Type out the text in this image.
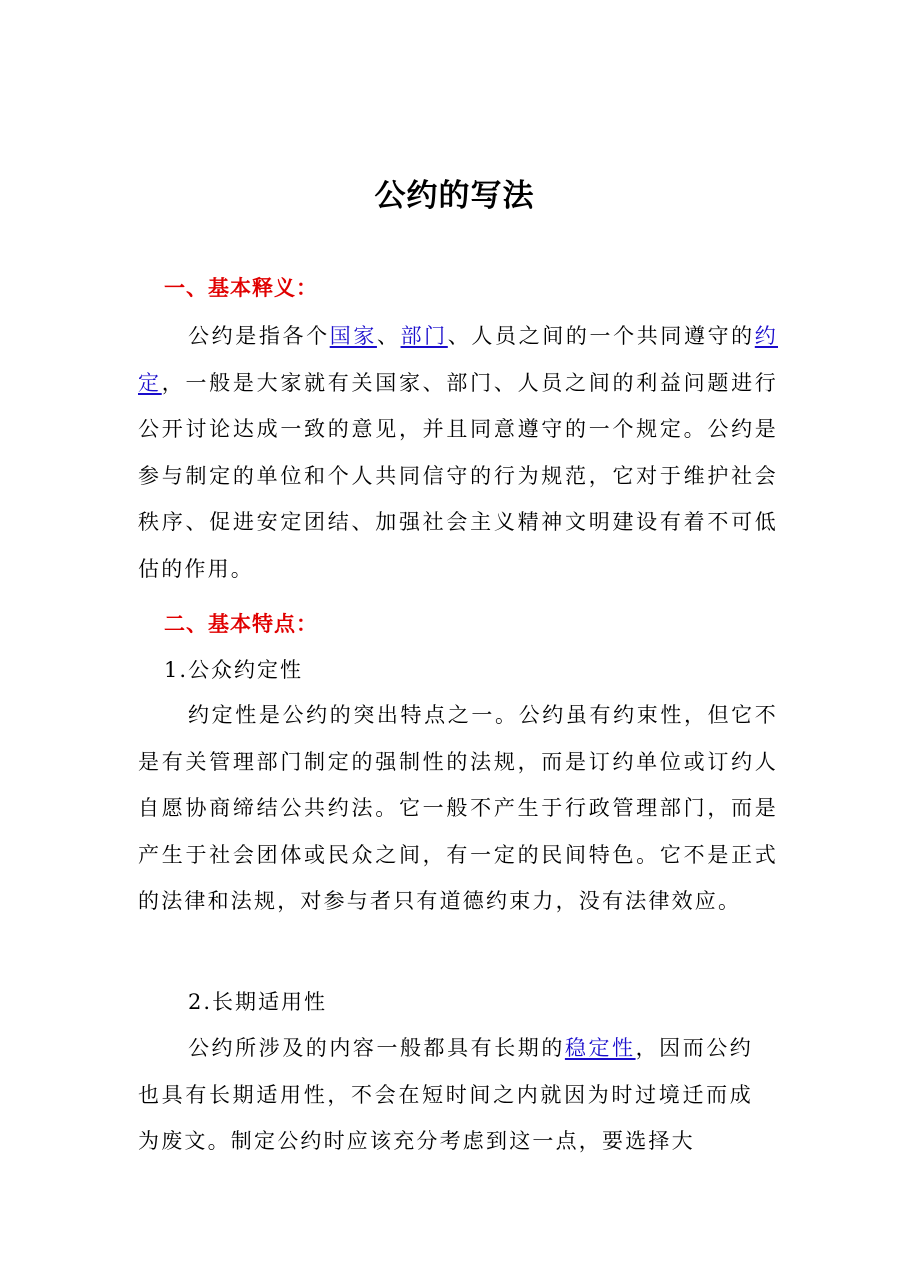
公约的写法
一、基本释义：

公约是指各个国家、部门、人员之间的一个共同遵守的约定，一般是大家就有关国家、部门、人员之间的利益问题进行公开讨论达成一致的意见，并且同意遵守的一个规定。公约是参与制定的单位和个人共同信守的行为规范，它对于维护社会秩序、促进安定团结、加强社会主义精神文明建设有着不可低估的作用。

二、基本特点：
1.公众约定性

约定性是公约的突出特点之一。公约虽有约束性，但它不是有关管理部门制定的强制性的法规，而是订约单位或订约人自愿协商缔结公共约法。它一般不产生于行政管理部门，而是产生于社会团体或民众之间，有一定的民间特色。它不是正式的法律和法规，对参与者只有道德约束力，没有法律效应。

2.长期适用性

公约所涉及的内容一般都具有长期的稳定性，因而公约也具有长期适用性，不会在短时间之内就因为时过境迁而成为废文。制定公约时应该充分考虑到这一点，要选择大
